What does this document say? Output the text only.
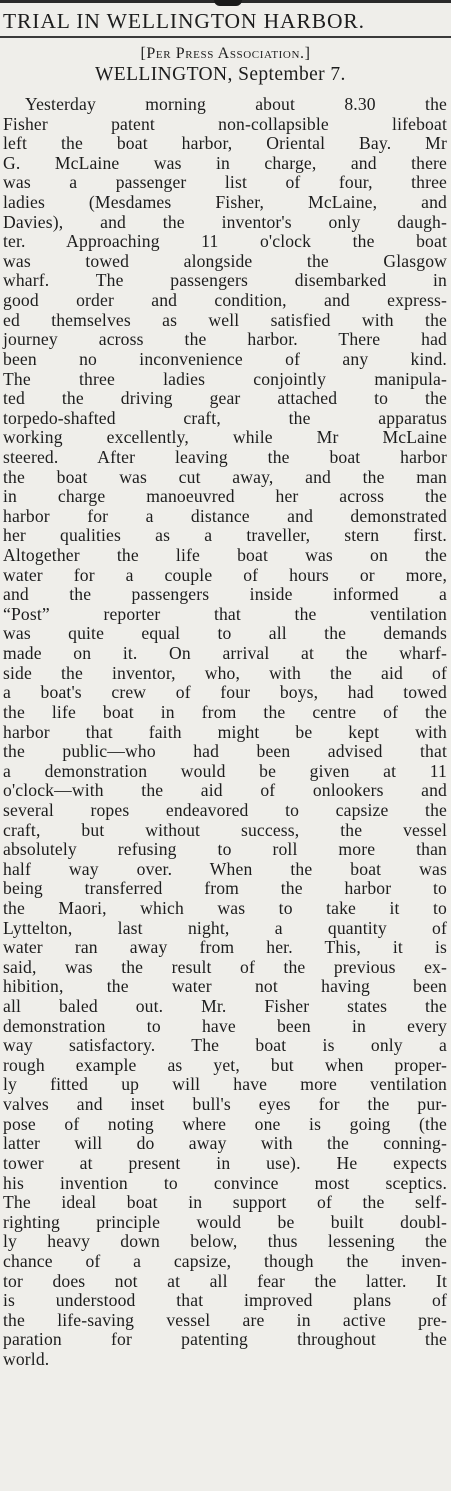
TRIAL IN WELLINGTON HARBOR.
[Per Press Association.]
WELLINGTON, September 7.
Yesterday morning about 8.30 the
Fisher patent non-collapsible lifeboat
left the boat harbor, Oriental Bay. Mr
G. McLaine was in charge, and there
was a passenger list of four, three
ladies (Mesdames Fisher, McLaine, and
Davies), and the inventor's only daugh-
ter. Approaching 11 o'clock the boat
was towed alongside the Glasgow
wharf. The passengers disembarked in
good order and condition, and express-
ed themselves as well satisfied with the
journey across the harbor. There had
been no inconvenience of any kind.
The three ladies conjointly manipula-
ted the driving gear attached to the
torpedo-shafted craft, the apparatus
working excellently, while Mr McLaine
steered. After leaving the boat harbor
the boat was cut away, and the man
in charge manoeuvred her across the
harbor for a distance and demonstrated
her qualities as a traveller, stern first.
Altogether the life boat was on the
water for a couple of hours or more,
and the passengers inside informed a
“Post” reporter that the ventilation
was quite equal to all the demands
made on it. On arrival at the wharf-
side the inventor, who, with the aid of
a boat's crew of four boys, had towed
the life boat in from the centre of the
harbor that faith might be kept with
the public—who had been advised that
a demonstration would be given at 11
o'clock—with the aid of onlookers and
several ropes endeavored to capsize the
craft, but without success, the vessel
absolutely refusing to roll more than
half way over. When the boat was
being transferred from the harbor to
the Maori, which was to take it to
Lyttelton, last night, a quantity of
water ran away from her. This, it is
said, was the result of the previous ex-
hibition, the water not having been
all baled out. Mr. Fisher states the
demonstration to have been in every
way satisfactory. The boat is only a
rough example as yet, but when proper-
ly fitted up will have more ventilation
valves and inset bull's eyes for the pur-
pose of noting where one is going (the
latter will do away with the conning-
tower at present in use). He expects
his invention to convince most sceptics.
The ideal boat in support of the self-
righting principle would be built doubl-
ly heavy down below, thus lessening the
chance of a capsize, though the inven-
tor does not at all fear the latter. It
is understood that improved plans of
the life-saving vessel are in active pre-
paration for patenting throughout the
world.
